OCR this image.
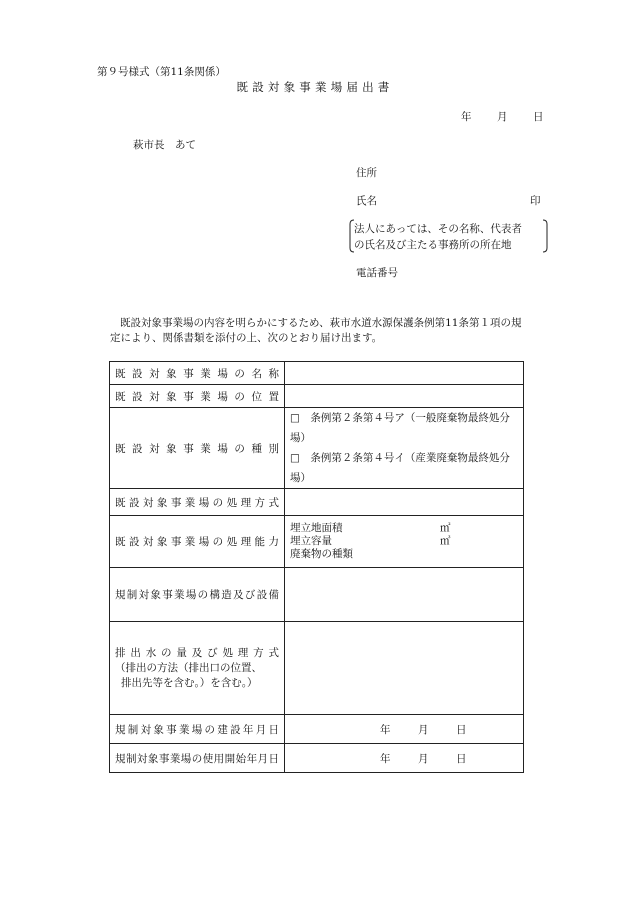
第９号様式（第11条関係）
既設対象事業場届出書
年 月 日
萩市長　あて
住所
氏名	印
法人にあっては、その名称、代表者
の氏名及び主たる事務所の所在地
電話番号

既設対象事業場の内容を明らかにするため、萩市水道水源保護条例第11条第１項の規

定により、関係書類を添付の上、次のとおり届け出ます。

既設対象事業場の名称	

既設対象事業場の位置	

既設対象事業場の種別	□　条例第２条第４号ア（一般廃棄物最終処分場）
□　条例第２条第４号イ（産業廃棄物最終処分場）

既設対象事業場の処理方式	

既設対象事業場の処理能力	埋立地面積 ㎡
埋立容量 ㎥
廃棄物の種類

規制対象事業場の構造及び設備	

排出水の量及び処理方式
（排出の方法（排出口の位置、
排出先等を含む。）を含む。）	

規制対象事業場の建設年月日	年 月 日

規制対象事業場の使用開始年月日	年 月 日
